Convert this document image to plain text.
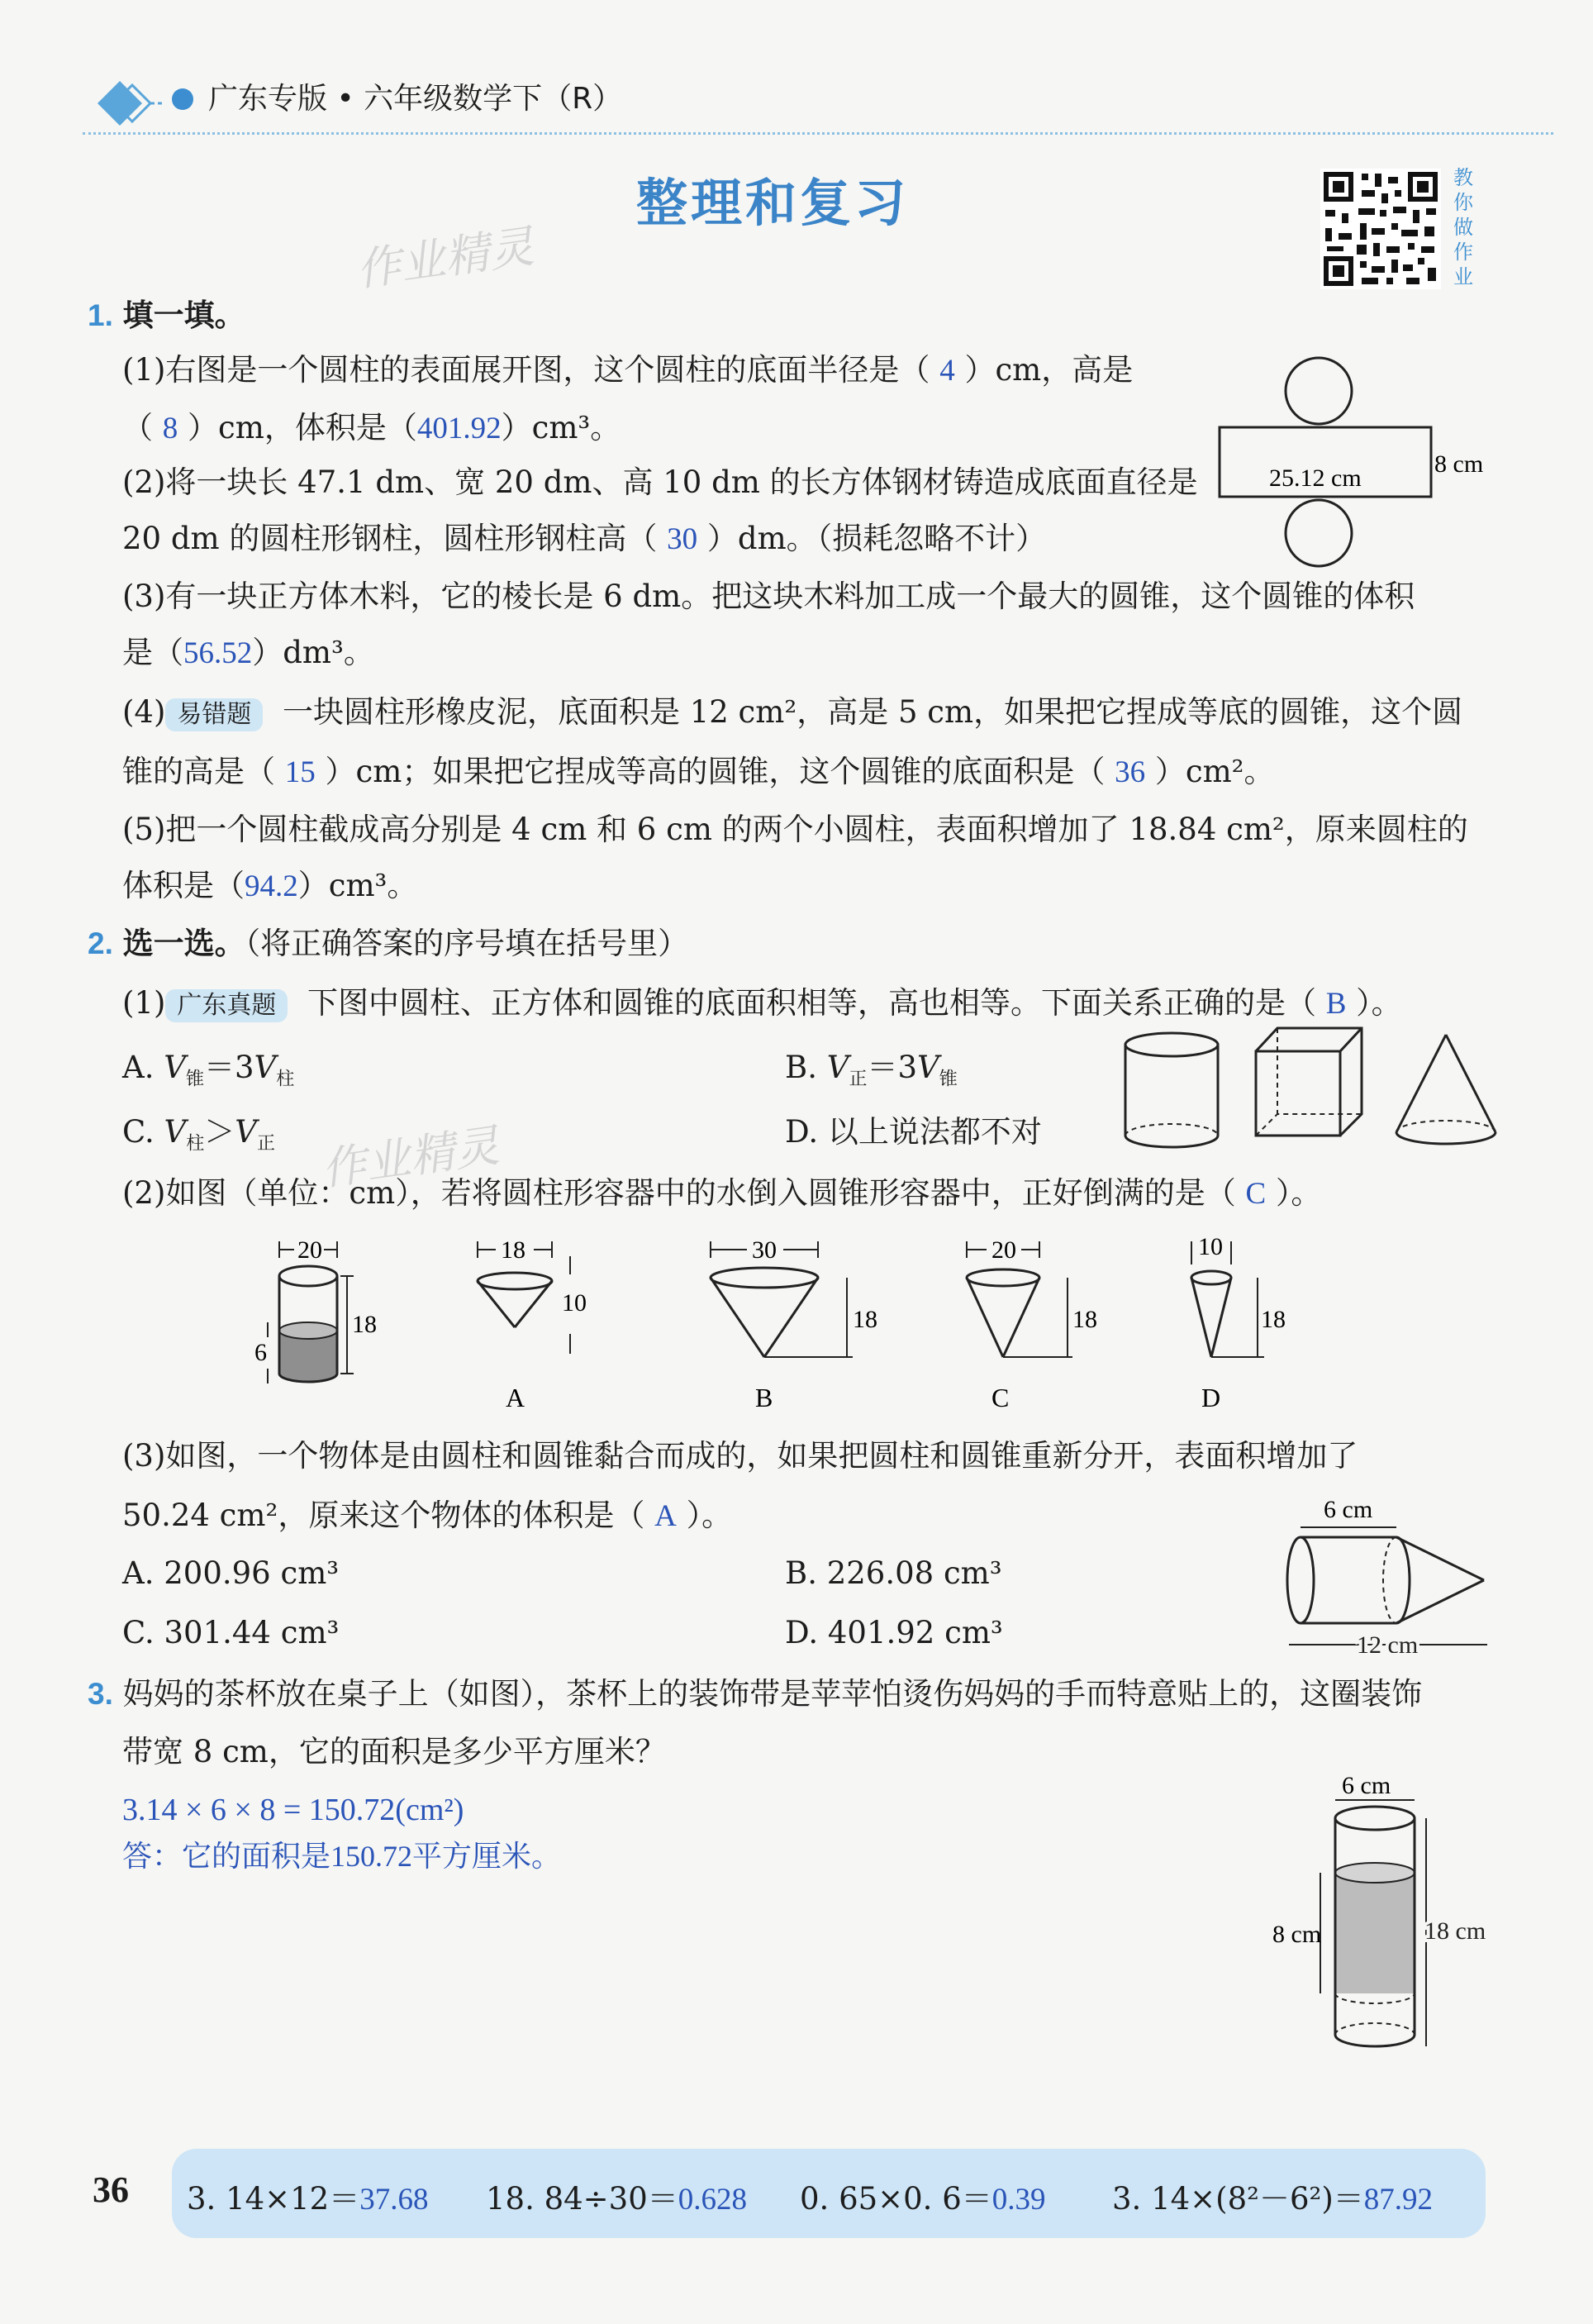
广东专版 • 六年级数学下（R）
整理和复习
作业精灵
作业精灵
教
你
做
作
业
1. 填一填。
(1)右图是一个圆柱的表面展开图，这个圆柱的底面半径是（ 4 ）cm，高是
（ 8 ）cm，体积是（401.92）cm³。
25.12 cm
8 cm
(2)将一块长 47.1 dm、宽 20 dm、高 10 dm 的长方体钢材铸造成底面直径是
20 dm 的圆柱形钢柱，圆柱形钢柱高（ 30 ）dm。（损耗忽略不计）
(3)有一块正方体木料，它的棱长是 6 dm。把这块木料加工成一个最大的圆锥，这个圆锥的体积
是（56.52）dm³。
(4) 易错题 一块圆柱形橡皮泥，底面积是 12 cm²，高是 5 cm，如果把它捏成等底的圆锥，这个圆
锥的高是（ 15 ）cm；如果把它捏成等高的圆锥，这个圆锥的底面积是（ 36 ）cm²。
(5)把一个圆柱截成高分别是 4 cm 和 6 cm 的两个小圆柱，表面积增加了 18.84 cm²，原来圆柱的
体积是（94.2）cm³。
2. 选一选。（将正确答案的序号填在括号里）
(1) 广东真题 下图中圆柱、正方体和圆锥的底面积相等，高也相等。下面关系正确的是（ B ）。
A. $V_锥=3V_柱$	B. $V_正=3V_锥$
C. $V_柱>V_正$	D. 以上说法都不对
(2)如图（单位：cm），若将圆柱形容器中的水倒入圆锥形容器中，正好倒满的是（ C ）。
20
18
6
18
10
A
30
18
B
20
18
C
10
18
D
(3)如图，一个物体是由圆柱和圆锥黏合而成的，如果把圆柱和圆锥重新分开，表面积增加了
50.24 cm²，原来这个物体的体积是（ A ）。
A. 200.96 cm³	B. 226.08 cm³
C. 301.44 cm³	D. 401.92 cm³
6 cm
12 cm
3. 妈妈的茶杯放在桌子上（如图），茶杯上的装饰带是苹苹怕烫伤妈妈的手而特意贴上的，这圈装饰
带宽 8 cm，它的面积是多少平方厘米？
3.14 × 6 × 8 = 150.72(cm²)
答：它的面积是150.72平方厘米。
6 cm
8 cm	18 cm
36 3. 14×12＝37.68 18. 84÷30＝0.628 0. 65×0. 6＝0.39 3. 14×(8²－6²)＝87.92
